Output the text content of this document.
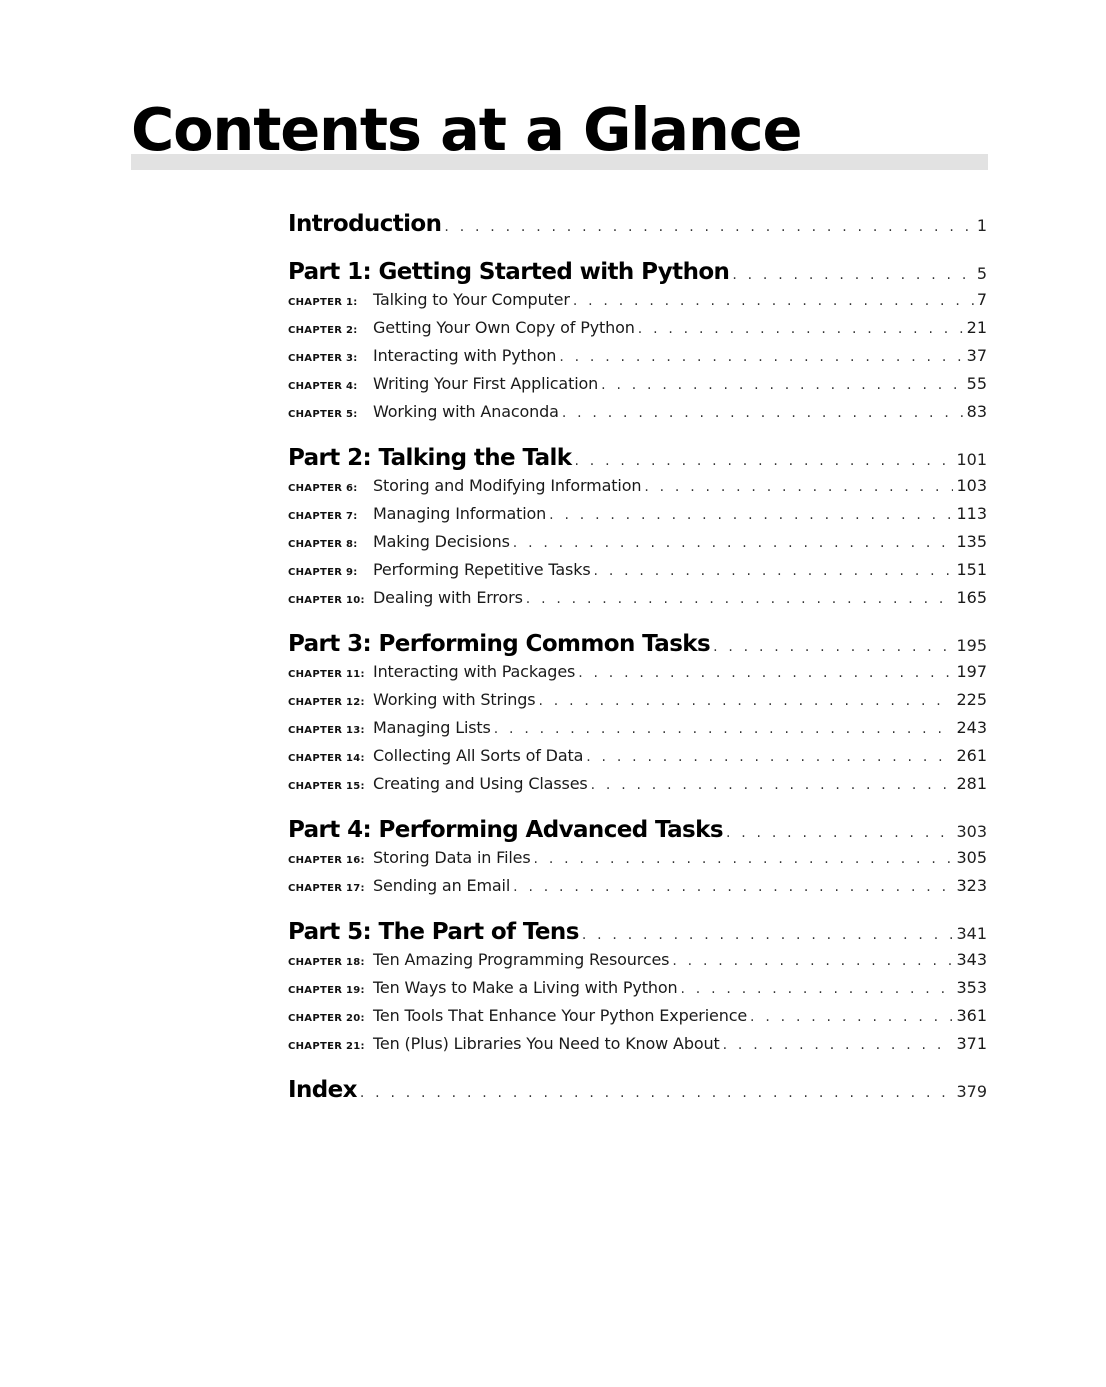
Contents at a Glance
Introduction . . .	1
Part 1: Getting Started with Python . . .	5
CHAPTER 1: Talking to Your Computer . . .	7
CHAPTER 2: Getting Your Own Copy of Python . . .	21
CHAPTER 3: Interacting with Python . . .	37
CHAPTER 4: Writing Your First Application . . .	55
CHAPTER 5: Working with Anaconda . . .	83
Part 2: Talking the Talk . . .	101
CHAPTER 6: Storing and Modifying Information . . .	103
CHAPTER 7: Managing Information . . .	113
CHAPTER 8: Making Decisions . . .	135
CHAPTER 9: Performing Repetitive Tasks . . .	151
CHAPTER 10: Dealing with Errors . . .	165
Part 3: Performing Common Tasks . . .	195
CHAPTER 11: Interacting with Packages . . .	197
CHAPTER 12: Working with Strings . . .	225
CHAPTER 13: Managing Lists . . .	243
CHAPTER 14: Collecting All Sorts of Data . . .	261
CHAPTER 15: Creating and Using Classes . . .	281
Part 4: Performing Advanced Tasks . . .	303
CHAPTER 16: Storing Data in Files . . .	305
CHAPTER 17: Sending an Email . . .	323
Part 5: The Part of Tens . . .	341
CHAPTER 18: Ten Amazing Programming Resources . . .	343
CHAPTER 19: Ten Ways to Make a Living with Python . . .	353
CHAPTER 20: Ten Tools That Enhance Your Python Experience . . .	361
CHAPTER 21: Ten (Plus) Libraries You Need to Know About . . .	371
Index . . .	379
